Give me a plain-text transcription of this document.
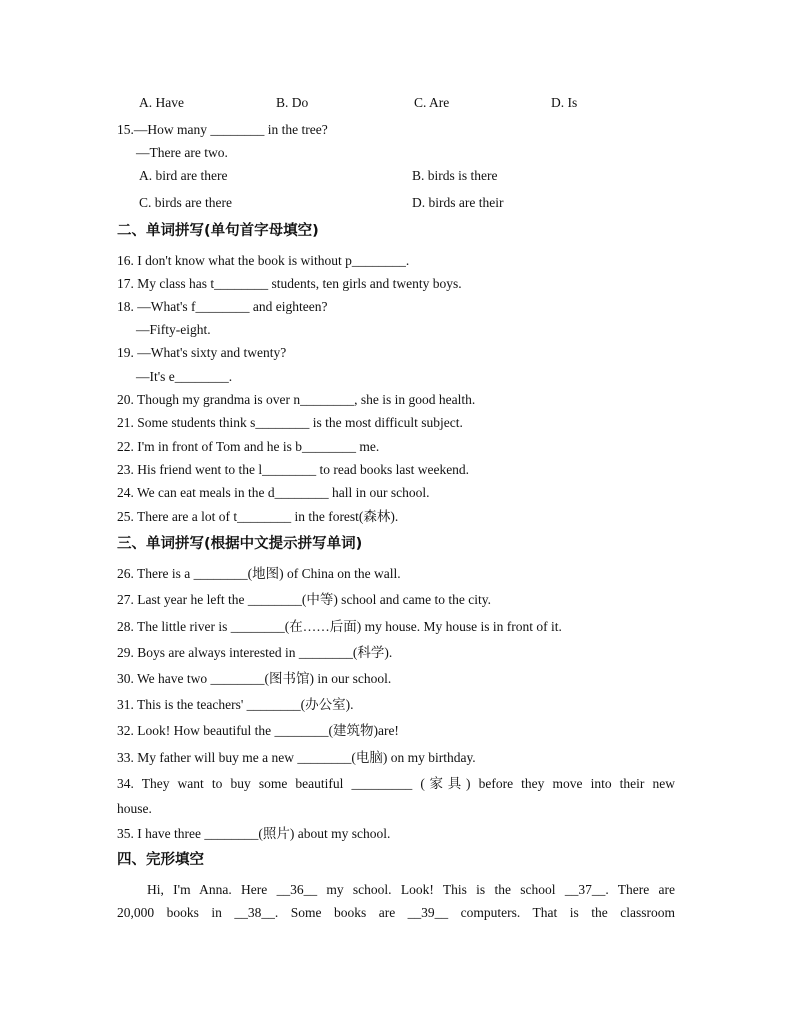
A. Have	B. Do	C. Are	D. Is
15.—How many ________ in the tree?
—There are two.
A. bird are there	B. birds is there
C. birds are there	D. birds are their
二、单词拼写(单句首字母填空)
16. I don't know what the book is without p________.
17. My class has t________ students, ten girls and twenty boys.
18. —What's f________ and eighteen?
—Fifty-eight.
19. —What's sixty and twenty?
—It's e________.
20. Though my grandma is over n________, she is in good health.
21. Some students think s________ is the most difficult subject.
22. I'm in front of Tom and he is b________ me.
23. His friend went to the l________ to read books last weekend.
24. We can eat meals in the d________ hall in our school.
25. There are a lot of t________ in the forest(森林).
三、单词拼写(根据中文提示拼写单词)
26. There is a ________(地图) of China on the wall.
27. Last year he left the ________(中等) school and came to the city.
28. The little river is ________(在……后面) my house. My house is in front of it.
29. Boys are always interested in ________(科学).
30. We have two ________(图书馆) in our school.
31. This is the teachers' ________(办公室).
32. Look! How beautiful the ________(建筑物)are!
33. My father will buy me a new ________(电脑) on my birthday.
34. They want to buy some beautiful _________ (家具) before they move into their new
house.
35. I have three ________(照片) about my school.
四、完形填空
Hi, I'm Anna. Here __36__ my school. Look! This is the school __37__. There are
20,000 books in __38__. Some books are __39__ computers. That is the classroom
